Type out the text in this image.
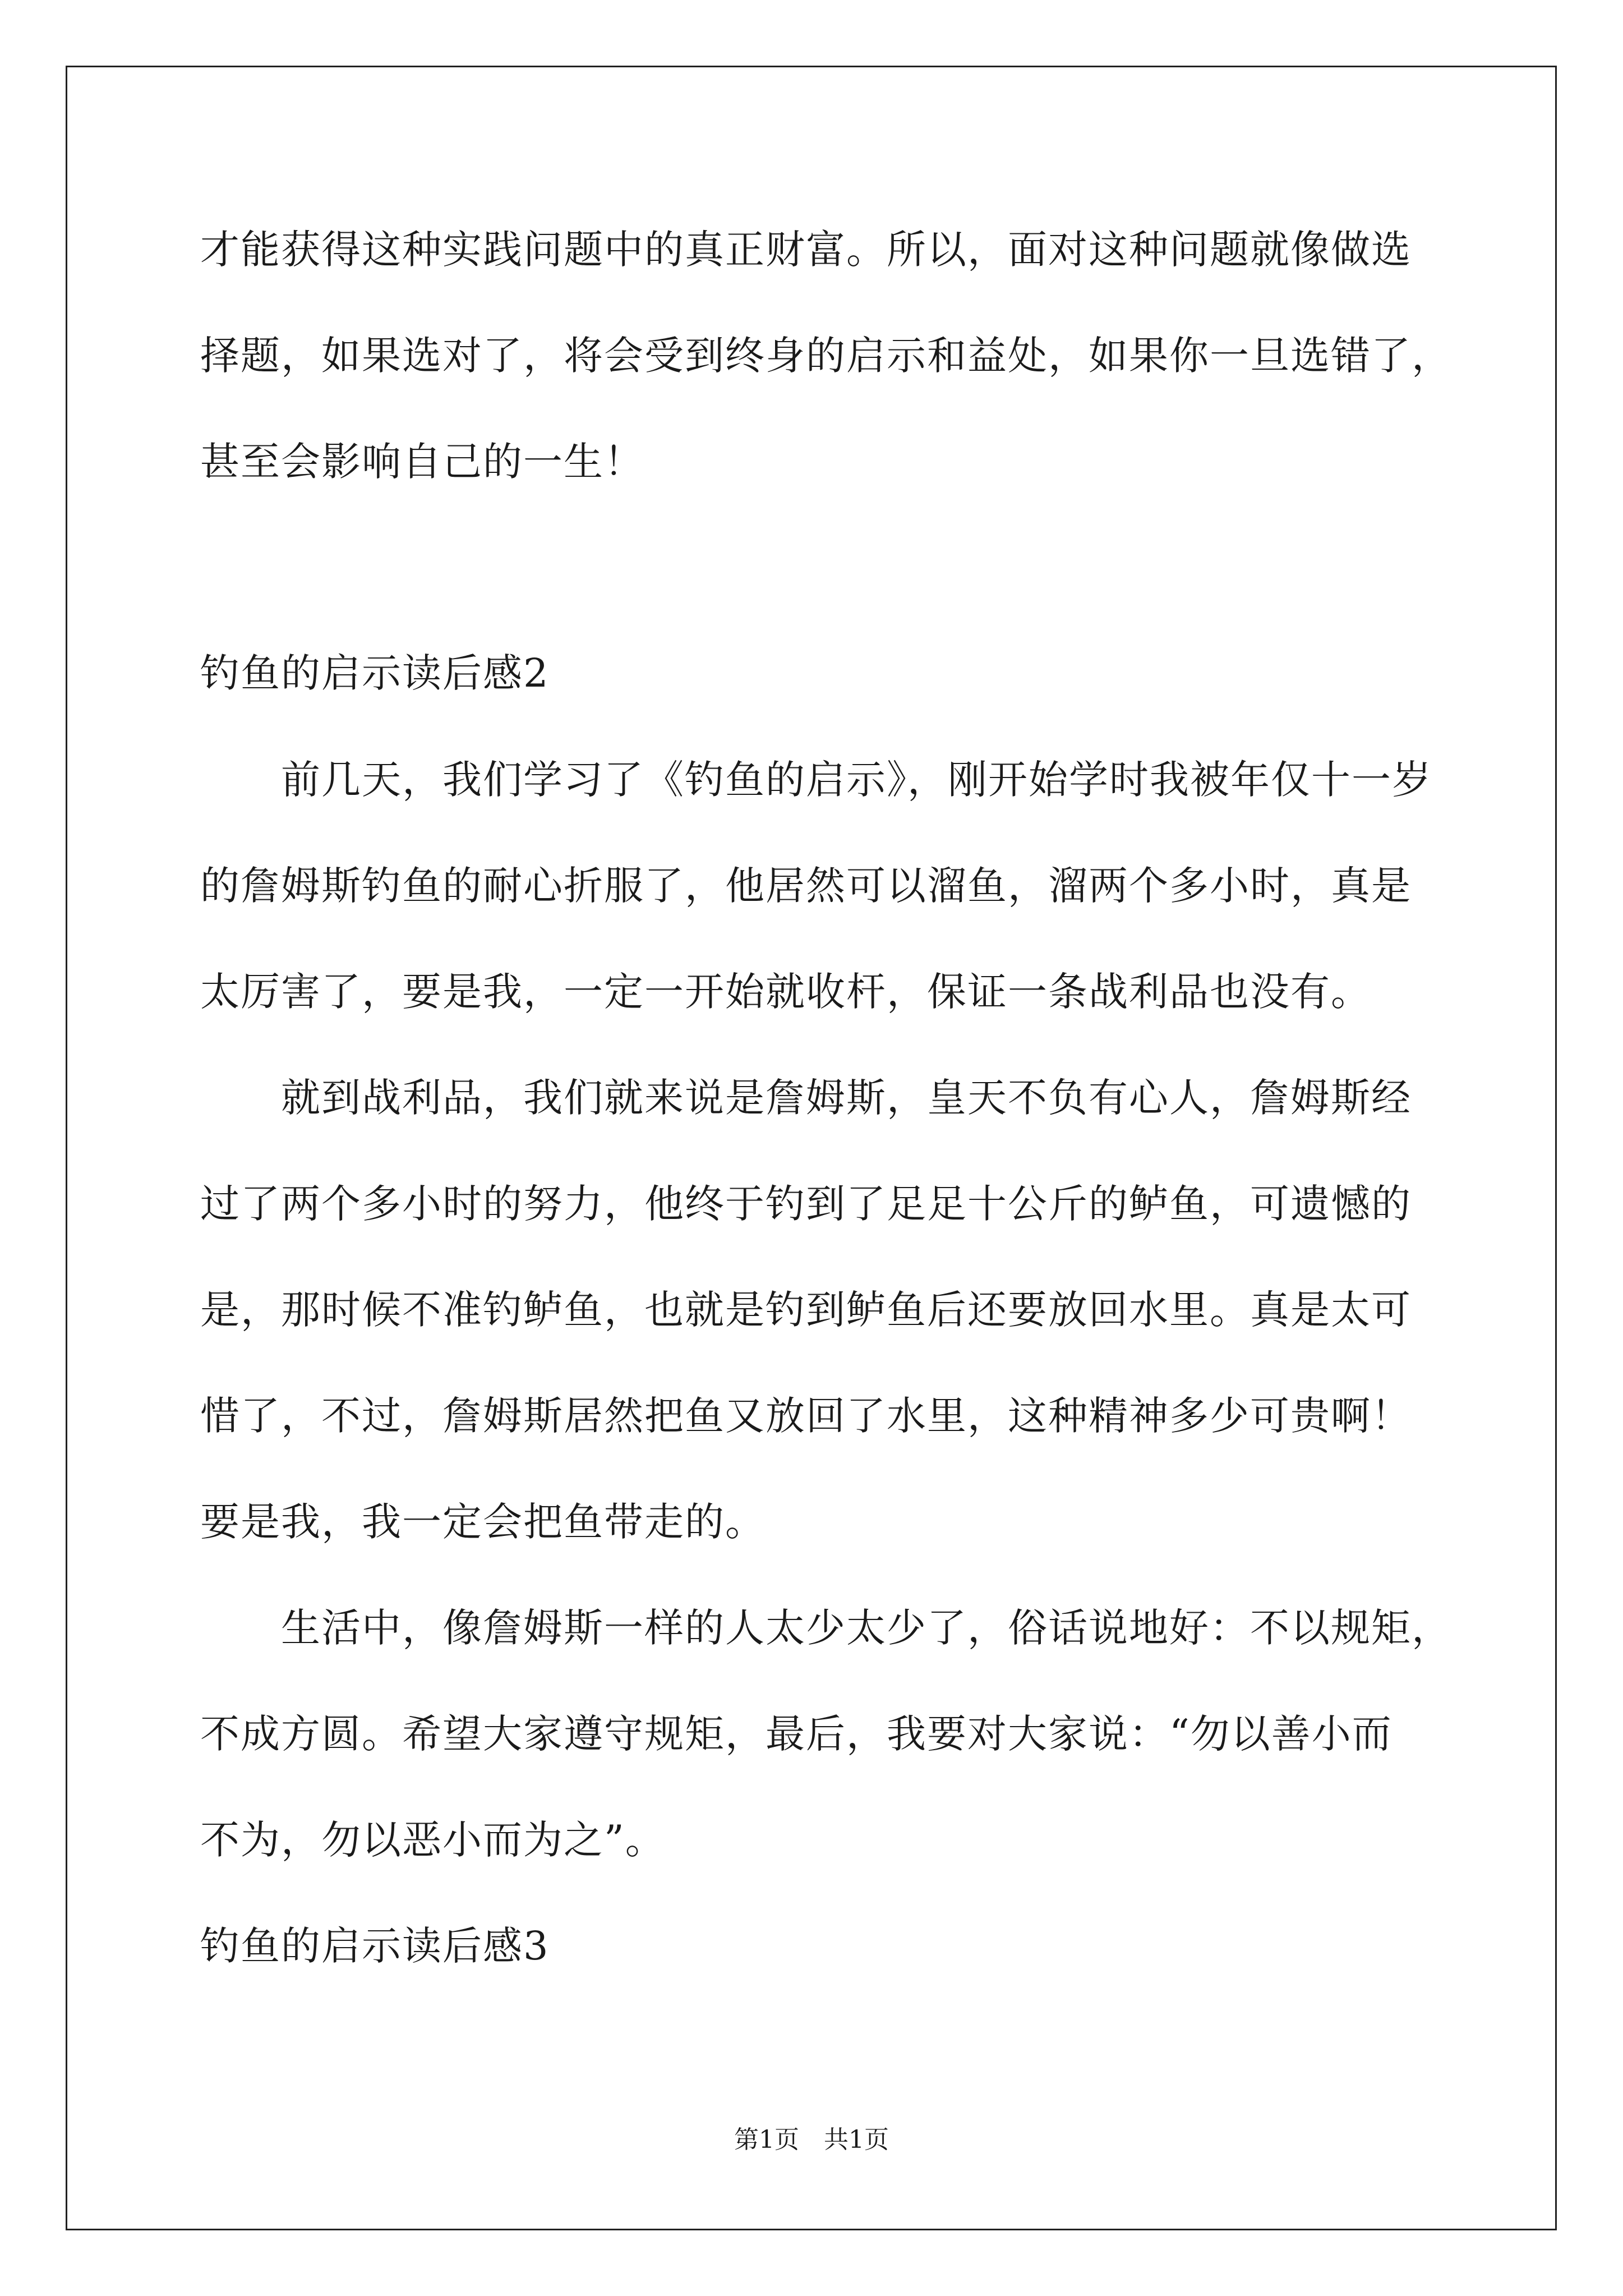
才能获得这种实践问题中的真正财富。所以，面对这种问题就像做选
择题，如果选对了，将会受到终身的启示和益处，如果你一旦选错了，
甚至会影响自己的一生！
钓鱼的启示读后感2
　　前几天，我们学习了《钓鱼的启示》，刚开始学时我被年仅十一岁
的詹姆斯钓鱼的耐心折服了，他居然可以溜鱼，溜两个多小时，真是
太厉害了，要是我，一定一开始就收杆，保证一条战利品也没有。
　　就到战利品，我们就来说是詹姆斯，皇天不负有心人，詹姆斯经
过了两个多小时的努力，他终于钓到了足足十公斤的鲈鱼，可遗憾的
是，那时候不准钓鲈鱼，也就是钓到鲈鱼后还要放回水里。真是太可
惜了，不过，詹姆斯居然把鱼又放回了水里，这种精神多少可贵啊！
要是我，我一定会把鱼带走的。
　　生活中，像詹姆斯一样的人太少太少了，俗话说地好：不以规矩，
不成方圆。希望大家遵守规矩，最后，我要对大家说：“勿以善小而
不为，勿以恶小而为之”。
钓鱼的启示读后感3
第1页　共1页
